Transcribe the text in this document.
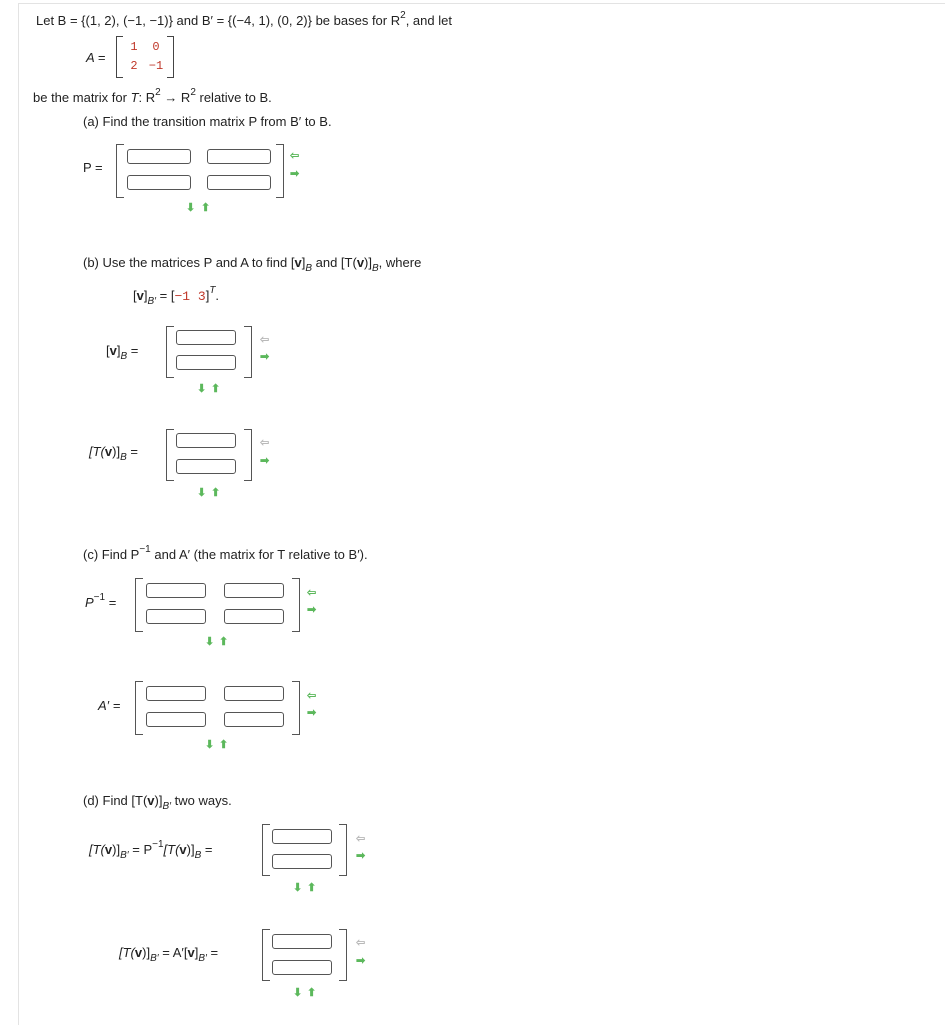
Let B = {(1, 2), (−1, −1)} and B′ = {(−4, 1), (0, 2)} be bases for $R^2$, and let
A =
1	0
2 −1
be the matrix for T: $R^2 \to R^2$ relative to B.
(a) Find the transition matrix P from B′ to B.
P =
⇦
➡
⬇ ⬆
(b) Use the matrices P and A to find $[v]_B$ and $[T(v)]_B$, where
$[v]_{B'} = [-1$ 3]$^T$.
$[v]_B$ =
⇦
➡
⬇ ⬆
$[T(v)]_B$ =
⇦
➡
⬇ ⬆
(c) Find $P^{-1}$ and A′ (the matrix for T relative to B′).
$P^{-1}$ =
⇦
➡
⬇ ⬆
A′ =
⇦
➡
⬇ ⬆
(d) Find $[T(v)]_{B'}$ two ways.
$[T(v)]_{B'} = P^{-1}[T(v)]_B$ =
⇦
➡
⬇ ⬆
$[T(v)]_{B'} = A'[v]_{B'}$ =
⇦
➡
⬇ ⬆
